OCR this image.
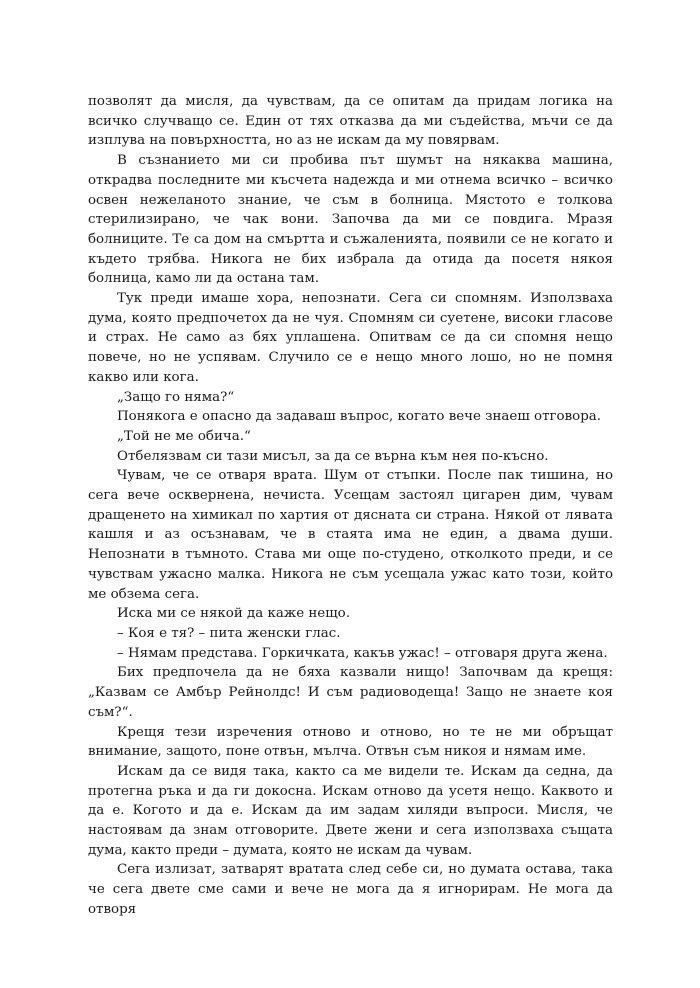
позволят да мисля, да чувствам, да се опитам да придам логика на всичко случващо се. Един от тях отказва да ми съдейства, мъчи се да изплува на повърхността, но аз не искам да му повярвам.

В съзнанието ми си пробива път шумът на някаква машина, открадва последните ми късчета надежда и ми отнема всичко – всичко освен нежеланото знание, че съм в болница. Мястото е толкова стерилизирано, че чак вони. Започва да ми се повдига. Мразя болниците. Те са дом на смъртта и съжаленията, появили се не когато и където трябва. Никога не бих избрала да отида да посетя някоя болница, камо ли да остана там.

Тук преди имаше хора, непознати. Сега си спомням. Използваха дума, която предпочетох да не чуя. Спомням си суетене, високи гласове и страх. Не само аз бях уплашена. Опитвам се да си спомня нещо повече, но не успявам. Случило се е нещо много лошо, но не помня какво или кога.

„Защо го няма?“

Понякога е опасно да задаваш въпрос, когато вече знаеш отговора.

„Той не ме обича.“

Отбелязвам си тази мисъл, за да се върна към нея по-късно.

Чувам, че се отваря врата. Шум от стъпки. После пак тишина, но сега вече осквернена, нечиста. Усещам застоял цигарен дим, чувам дращенето на химикал по хартия от дясната си страна. Някой от лявата кашля и аз осъзнавам, че в стаята има не един, а двама души. Непознати в тъмното. Става ми още по-студено, отколкото преди, и се чувствам ужасно малка. Никога не съм усещала ужас като този, който ме обзема сега.

Иска ми се някой да каже нещо.

– Коя е тя? – пита женски глас.

– Нямам представа. Горкичката, какъв ужас! – отговаря друга жена.

Бих предпочела да не бяха казвали нищо! Започвам да крещя: „Казвам се Амбър Рейнолдс! И съм радиоводеща! Защо не знаете коя съм?“.

Крещя тези изречения отново и отново, но те не ми обръщат внимание, защото, поне отвън, мълча. Отвън съм никоя и нямам име.

Искам да се видя така, както са ме видели те. Искам да седна, да протегна ръка и да ги докосна. Искам отново да усетя нещо. Каквото и да е. Когото и да е. Искам да им задам хиляди въпроси. Мисля, че настоявам да знам отговорите. Двете жени и сега използваха същата дума, както преди – думата, която не искам да чувам.

Сега излизат, затварят вратата след себе си, но думата остава, така че сега двете сме сами и вече не мога да я игнорирам. Не мога да отворя
